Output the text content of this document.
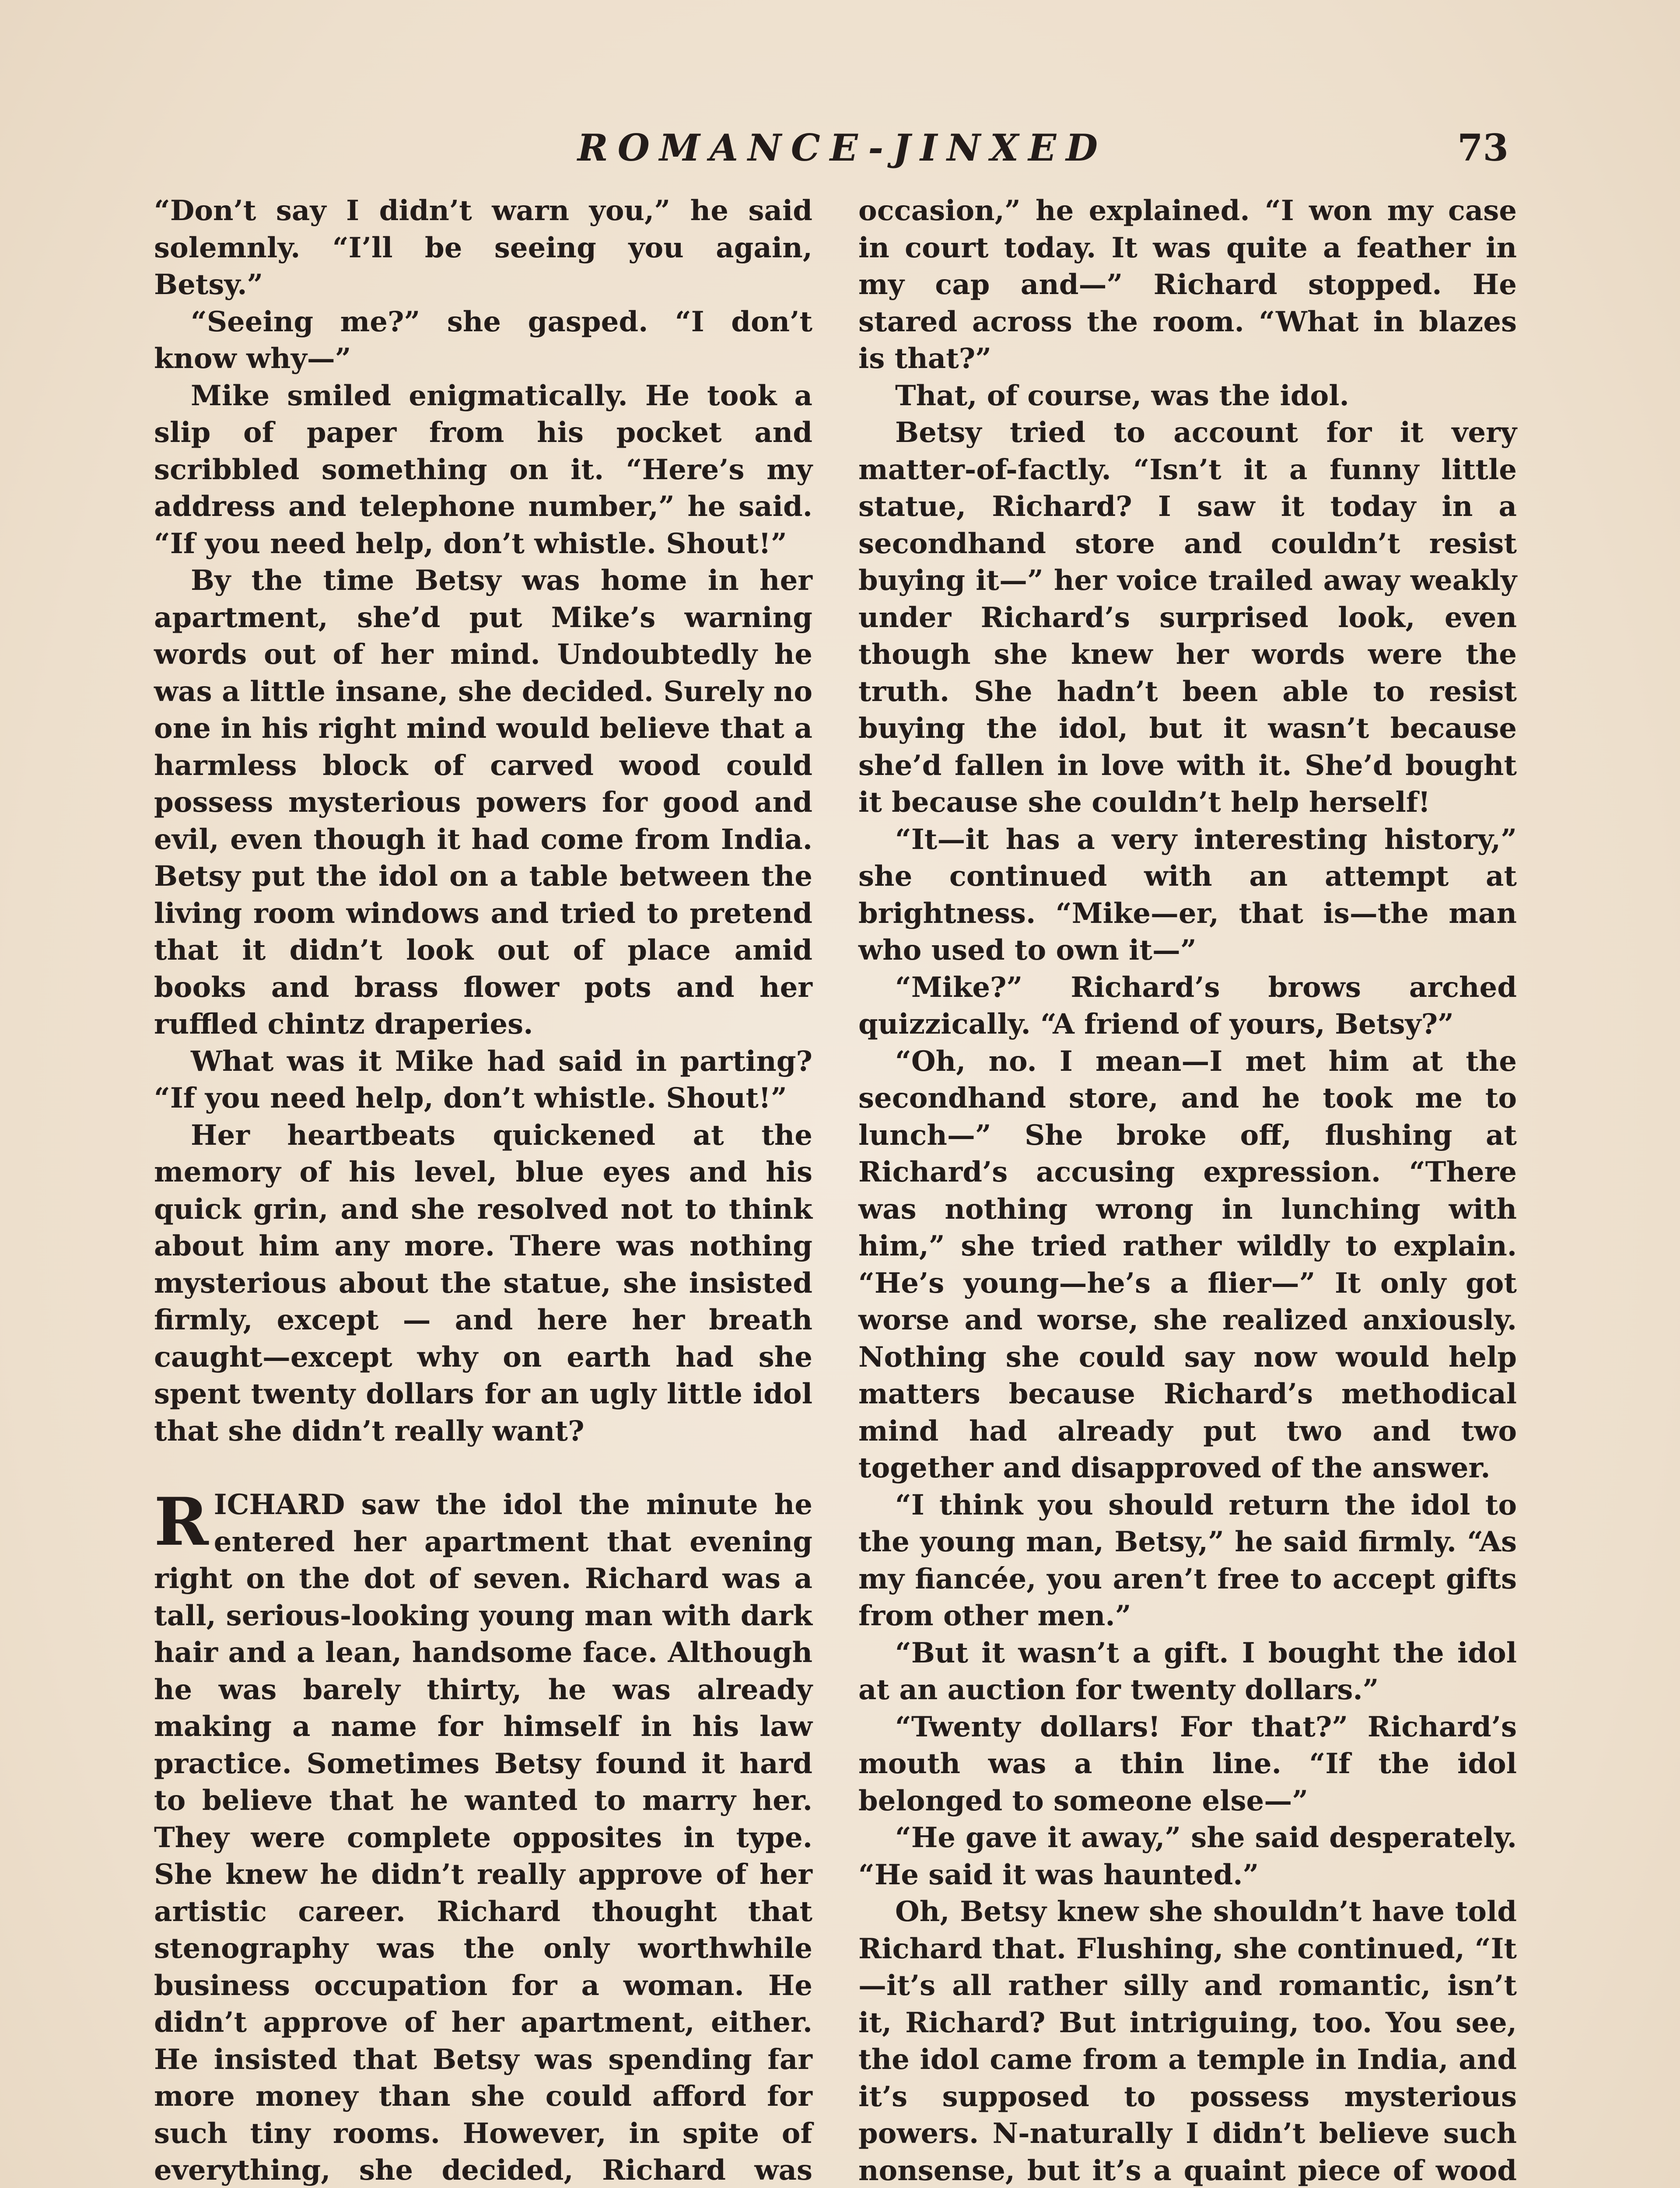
ROMANCE-JINXED	73

“Don’t say I didn’t warn you,” he said solemnly. “I’ll be seeing you again, Betsy.”

“Seeing me?” she gasped. “I don’t know why—”

Mike smiled enigmatically. He took a slip of paper from his pocket and scribbled something on it. “Here’s my address and telephone number,” he said. “If you need help, don’t whistle. Shout!”

By the time Betsy was home in her apartment, she’d put Mike’s warning words out of her mind. Undoubtedly he was a little insane, she decided. Surely no one in his right mind would believe that a harmless block of carved wood could possess mysterious powers for good and evil, even though it had come from India. Betsy put the idol on a table between the living room windows and tried to pretend that it didn’t look out of place amid books and brass flower pots and her ruffled chintz draperies.

What was it Mike had said in parting? “If you need help, don’t whistle. Shout!”

Her heartbeats quickened at the memory of his level, blue eyes and his quick grin, and she resolved not to think about him any more. There was nothing mysterious about the statue, she insisted firmly, except — and here her breath caught—except why on earth had she spent twenty dollars for an ugly little idol that she didn’t really want?

RICHARD saw the idol the minute he entered her apartment that evening right on the dot of seven. Richard was a tall, serious-looking young man with dark hair and a lean, handsome face. Although he was barely thirty, he was already making a name for himself in his law practice. Sometimes Betsy found it hard to believe that he wanted to marry her. They were complete opposites in type. She knew he didn’t really approve of her artistic career. Richard thought that stenography was the only worthwhile business occupation for a woman. He didn’t approve of her apartment, either. He insisted that Betsy was spending far more money than she could afford for such tiny rooms. However, in spite of everything, she decided, Richard was

occasion,” he explained. “I won my case in court today. It was quite a feather in my cap and—” Richard stopped. He stared across the room. “What in blazes is that?”

That, of course, was the idol.

Betsy tried to account for it very matter-of-factly. “Isn’t it a funny little statue, Richard? I saw it today in a secondhand store and couldn’t resist buying it—” her voice trailed away weakly under Richard’s surprised look, even though she knew her words were the truth. She hadn’t been able to resist buying the idol, but it wasn’t because she’d fallen in love with it. She’d bought it because she couldn’t help herself!

“It—it has a very interesting history,” she continued with an attempt at brightness. “Mike—er, that is—the man who used to own it—”

“Mike?” Richard’s brows arched quizzically. “A friend of yours, Betsy?”

“Oh, no. I mean—I met him at the secondhand store, and he took me to lunch—” She broke off, flushing at Richard’s accusing expression. “There was nothing wrong in lunching with him,” she tried rather wildly to explain. “He’s young—he’s a flier—” It only got worse and worse, she realized anxiously. Nothing she could say now would help matters because Richard’s methodical mind had already put two and two together and disapproved of the answer.

“I think you should return the idol to the young man, Betsy,” he said firmly. “As my fiancée, you aren’t free to accept gifts from other men.”

“But it wasn’t a gift. I bought the idol at an auction for twenty dollars.”

“Twenty dollars! For that?” Richard’s mouth was a thin line. “If the idol belonged to someone else—”

“He gave it away,” she said desperately. “He said it was haunted.”

Oh, Betsy knew she shouldn’t have told Richard that. Flushing, she continued, “It—it’s all rather silly and romantic, isn’t it, Richard? But intriguing, too. You see, the idol came from a temple in India, and it’s supposed to possess mysterious powers. N-naturally I didn’t believe such nonsense, but it’s a quaint piece of wood
